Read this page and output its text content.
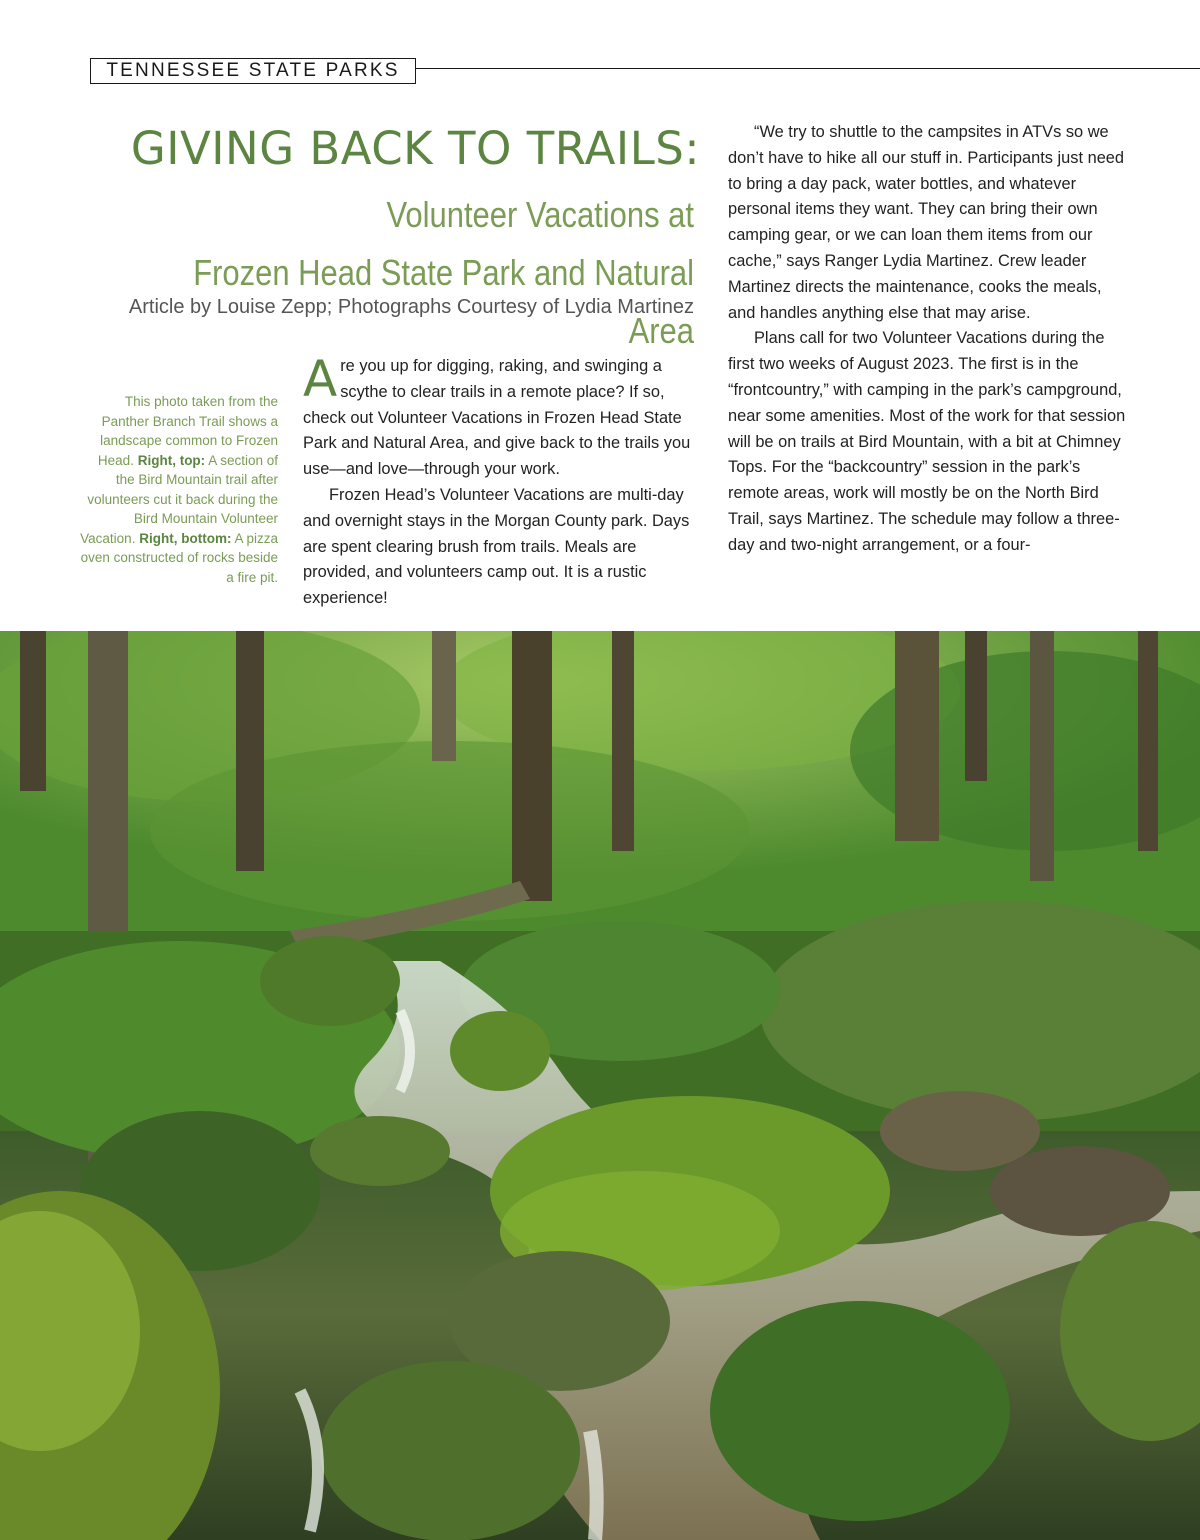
TENNESSEE STATE PARKS
GIVING BACK TO TRAILS:
Volunteer Vacations at
Frozen Head State Park and Natural Area
Article by Louise Zepp; Photographs Courtesy of Lydia Martinez
This photo taken from the Panther Branch Trail shows a landscape common to Frozen Head. Right, top: A section of the Bird Mountain trail after volunteers cut it back during the Bird Mountain Volunteer Vacation. Right, bottom: A pizza oven constructed of rocks beside a fire pit.

Are you up for digging, raking, and swinging a scythe to clear trails in a remote place? If so, check out Volunteer Vacations in Frozen Head State Park and Natural Area, and give back to the trails you use—and love—through your work.

Frozen Head’s Volunteer Vacations are multi-day and overnight stays in the Morgan County park. Days are spent clearing brush from trails. Meals are provided, and volunteers camp out. It is a rustic experience!

“We try to shuttle to the campsites in ATVs so we don’t have to hike all our stuff in. Participants just need to bring a day pack, water bottles, and whatever personal items they want. They can bring their own camping gear, or we can loan them items from our cache,” says Ranger Lydia Martinez. Crew leader Martinez directs the maintenance, cooks the meals, and handles anything else that may arise.

Plans call for two Volunteer Vacations during the first two weeks of August 2023. The first is in the “frontcountry,” with camping in the park’s campground, near some amenities. Most of the work for that session will be on trails at Bird Mountain, with a bit at Chimney Tops. For the “backcountry” session in the park’s remote areas, work will mostly be on the North Bird Trail, says Martinez. The schedule may follow a three-day and two-night arrangement, or a four-
